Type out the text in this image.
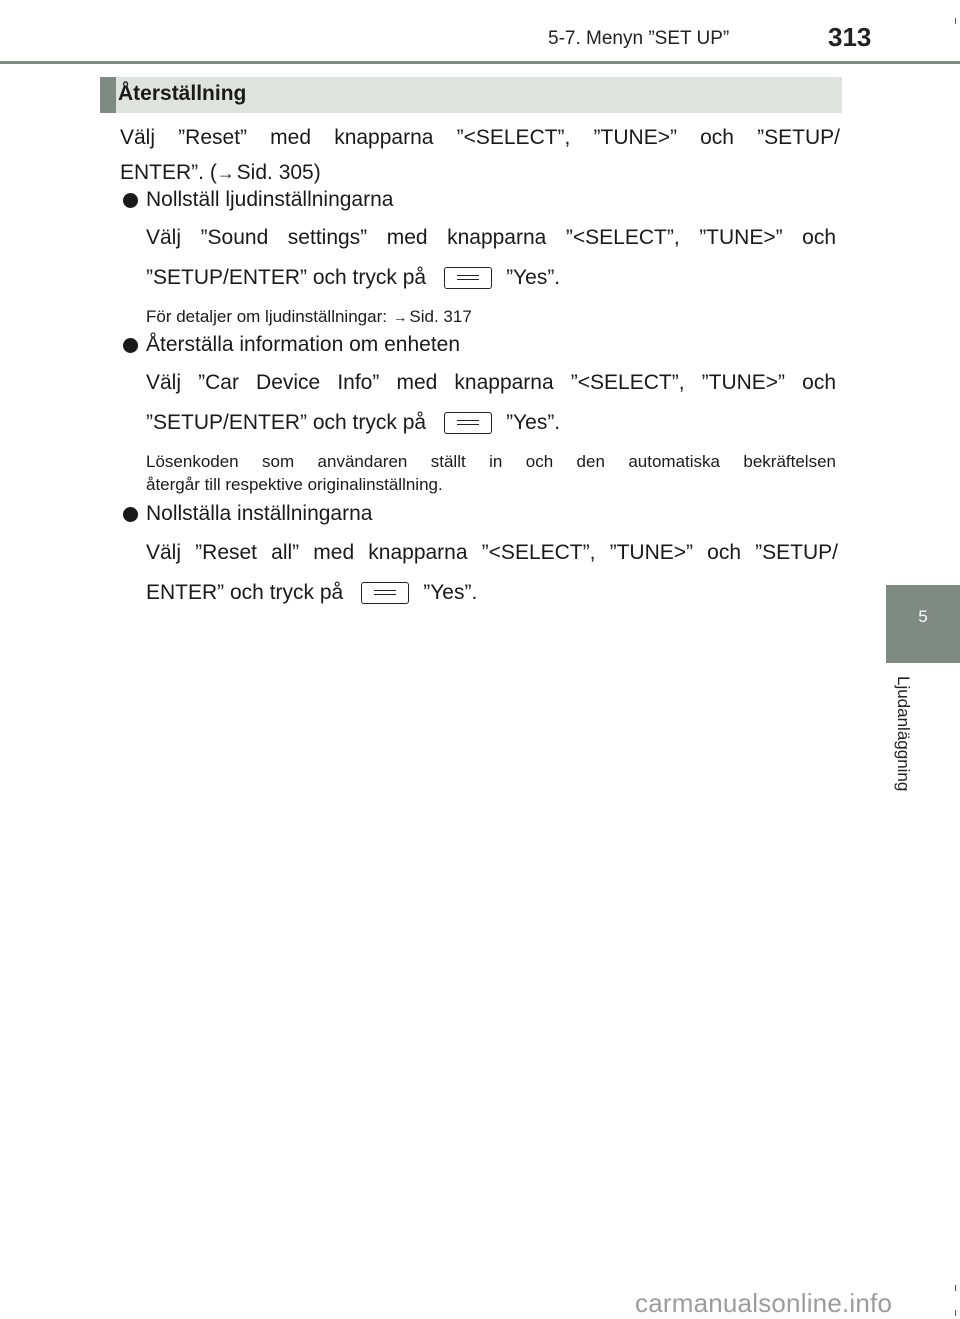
5-7. Menyn ”SET UP”	313
Återställning
Välj ”Reset” med knapparna ”<SELECT”, ”TUNE>” och ”SETUP/
ENTER”. (→Sid. 305)
Nollställ ljudinställningarna
Välj ”Sound settings” med knapparna ”<SELECT”, ”TUNE>” och
”SETUP/ENTER” och tryck på	”Yes”.
För detaljer om ljudinställningar: → Sid. 317
Återställa information om enheten
Välj ”Car Device Info” med knapparna ”<SELECT”, ”TUNE>” och
”SETUP/ENTER” och tryck på	”Yes”.
Lösenkoden som användaren ställt in och den automatiska bekräftelsen
återgår till respektive originalinställning.
Nollställa inställningarna
Välj ”Reset all” med knapparna ”<SELECT”, ”TUNE>” och ”SETUP/
ENTER” och tryck på	”Yes”.
5
Ljudanläggning
carmanualsonline.info
